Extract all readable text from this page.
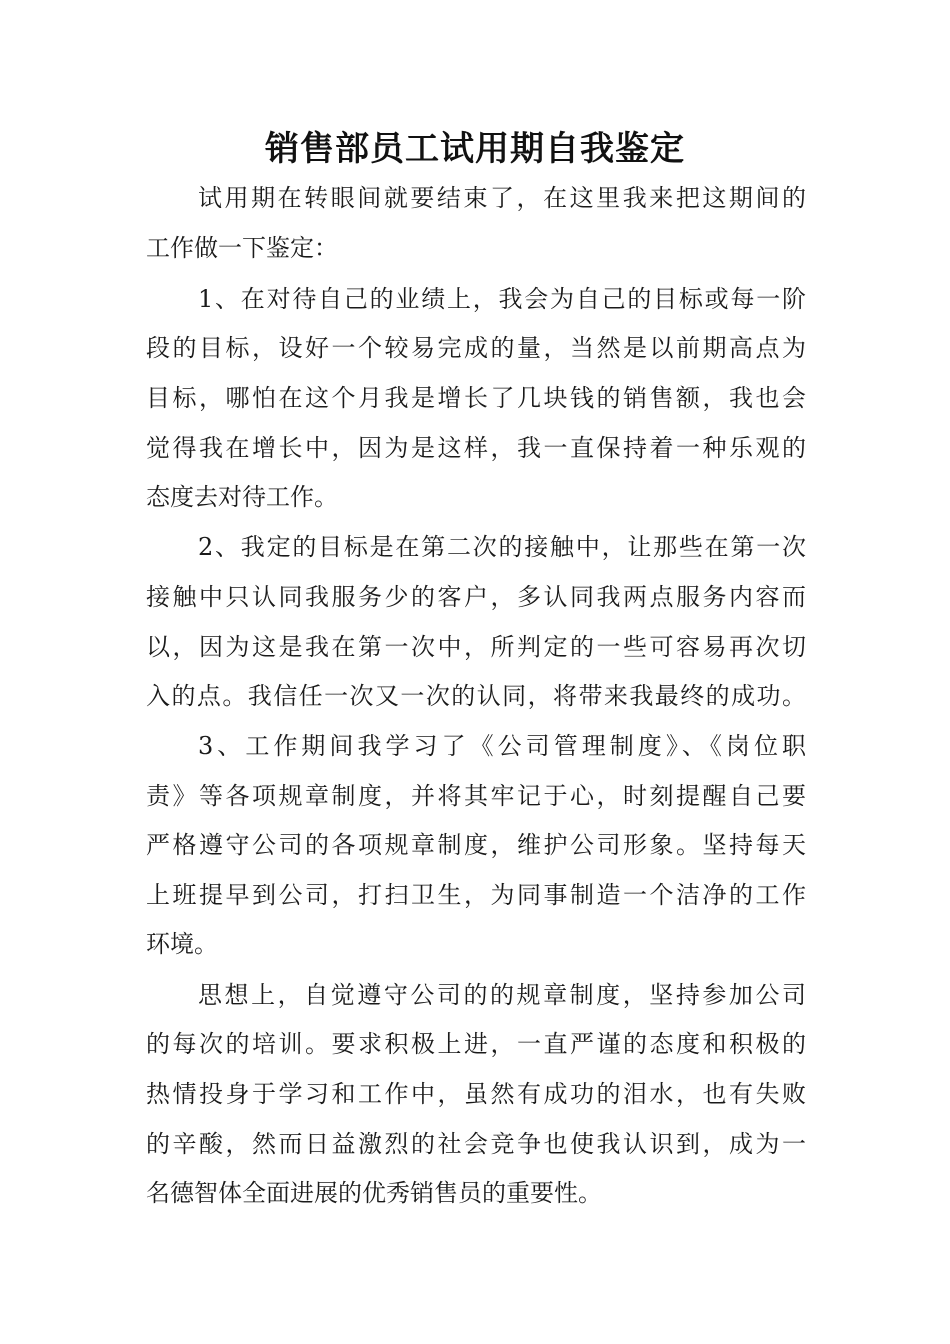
销售部员工试用期自我鉴定
试用期在转眼间就要结束了，在这里我来把这期间的
工作做一下鉴定：
1、在对待自己的业绩上，我会为自己的目标或每一阶
段的目标，设好一个较易完成的量，当然是以前期高点为
目标，哪怕在这个月我是增长了几块钱的销售额，我也会
觉得我在增长中，因为是这样，我一直保持着一种乐观的
态度去对待工作。
2、我定的目标是在第二次的接触中，让那些在第一次
接触中只认同我服务少的客户，多认同我两点服务内容而
以，因为这是我在第一次中，所判定的一些可容易再次切
入的点。我信任一次又一次的认同，将带来我最终的成功。
3、工作期间我学习了《公司管理制度》、《岗位职
责》等各项规章制度，并将其牢记于心，时刻提醒自己要
严格遵守公司的各项规章制度，维护公司形象。坚持每天
上班提早到公司，打扫卫生，为同事制造一个洁净的工作
环境。
思想上，自觉遵守公司的的规章制度，坚持参加公司
的每次的培训。要求积极上进，一直严谨的态度和积极的
热情投身于学习和工作中，虽然有成功的泪水，也有失败
的辛酸，然而日益激烈的社会竞争也使我认识到，成为一
名德智体全面进展的优秀销售员的重要性。
